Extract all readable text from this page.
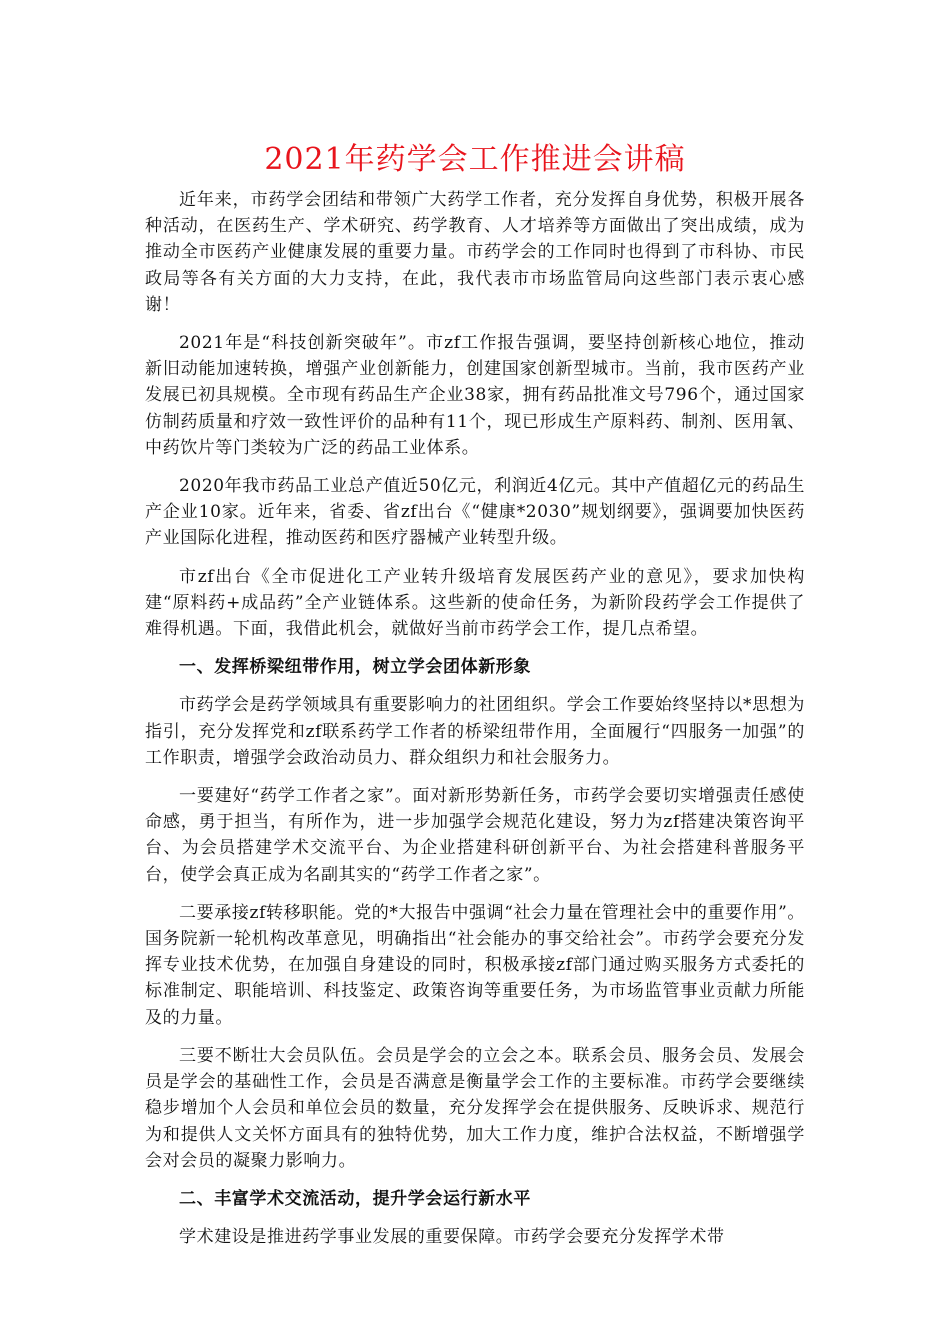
2021年药学会工作推进会讲稿

近年来，市药学会团结和带领广大药学工作者，充分发挥自身优势，积极开展各种活动，在医药生产、学术研究、药学教育、人才培养等方面做出了突出成绩，成为推动全市医药产业健康发展的重要力量。市药学会的工作同时也得到了市科协、市民政局等各有关方面的大力支持，在此，我代表市市场监管局向这些部门表示衷心感谢！

2021年是“科技创新突破年”。市zf工作报告强调，要坚持创新核心地位，推动新旧动能加速转换，增强产业创新能力，创建国家创新型城市。当前，我市医药产业发展已初具规模。全市现有药品生产企业38家，拥有药品批准文号796个，通过国家仿制药质量和疗效一致性评价的品种有11个，现已形成生产原料药、制剂、医用氧、中药饮片等门类较为广泛的药品工业体系。

2020年我市药品工业总产值近50亿元，利润近4亿元。其中产值超亿元的药品生产企业10家。近年来，省委、省zf出台《“健康*2030”规划纲要》，强调要加快医药产业国际化进程，推动医药和医疗器械产业转型升级。

市zf出台《全市促进化工产业转升级培育发展医药产业的意见》，要求加快构建“原料药+成品药”全产业链体系。这些新的使命任务，为新阶段药学会工作提供了难得机遇。下面，我借此机会，就做好当前市药学会工作，提几点希望。

一、发挥桥梁纽带作用，树立学会团体新形象

市药学会是药学领域具有重要影响力的社团组织。学会工作要始终坚持以*思想为指引，充分发挥党和zf联系药学工作者的桥梁纽带作用，全面履行“四服务一加强”的工作职责，增强学会政治动员力、群众组织力和社会服务力。

一要建好“药学工作者之家”。面对新形势新任务，市药学会要切实增强责任感使命感，勇于担当，有所作为，进一步加强学会规范化建设，努力为zf搭建决策咨询平台、为会员搭建学术交流平台、为企业搭建科研创新平台、为社会搭建科普服务平台，使学会真正成为名副其实的“药学工作者之家”。

二要承接zf转移职能。党的*大报告中强调“社会力量在管理社会中的重要作用”。国务院新一轮机构改革意见，明确指出“社会能办的事交给社会”。市药学会要充分发挥专业技术优势，在加强自身建设的同时，积极承接zf部门通过购买服务方式委托的标准制定、职能培训、科技鉴定、政策咨询等重要任务，为市场监管事业贡献力所能及的力量。

三要不断壮大会员队伍。会员是学会的立会之本。联系会员、服务会员、发展会员是学会的基础性工作，会员是否满意是衡量学会工作的主要标准。市药学会要继续稳步增加个人会员和单位会员的数量，充分发挥学会在提供服务、反映诉求、规范行为和提供人文关怀方面具有的独特优势，加大工作力度，维护合法权益，不断增强学会对会员的凝聚力影响力。

二、丰富学术交流活动，提升学会运行新水平

学术建设是推进药学事业发展的重要保障。市药学会要充分发挥学术带
